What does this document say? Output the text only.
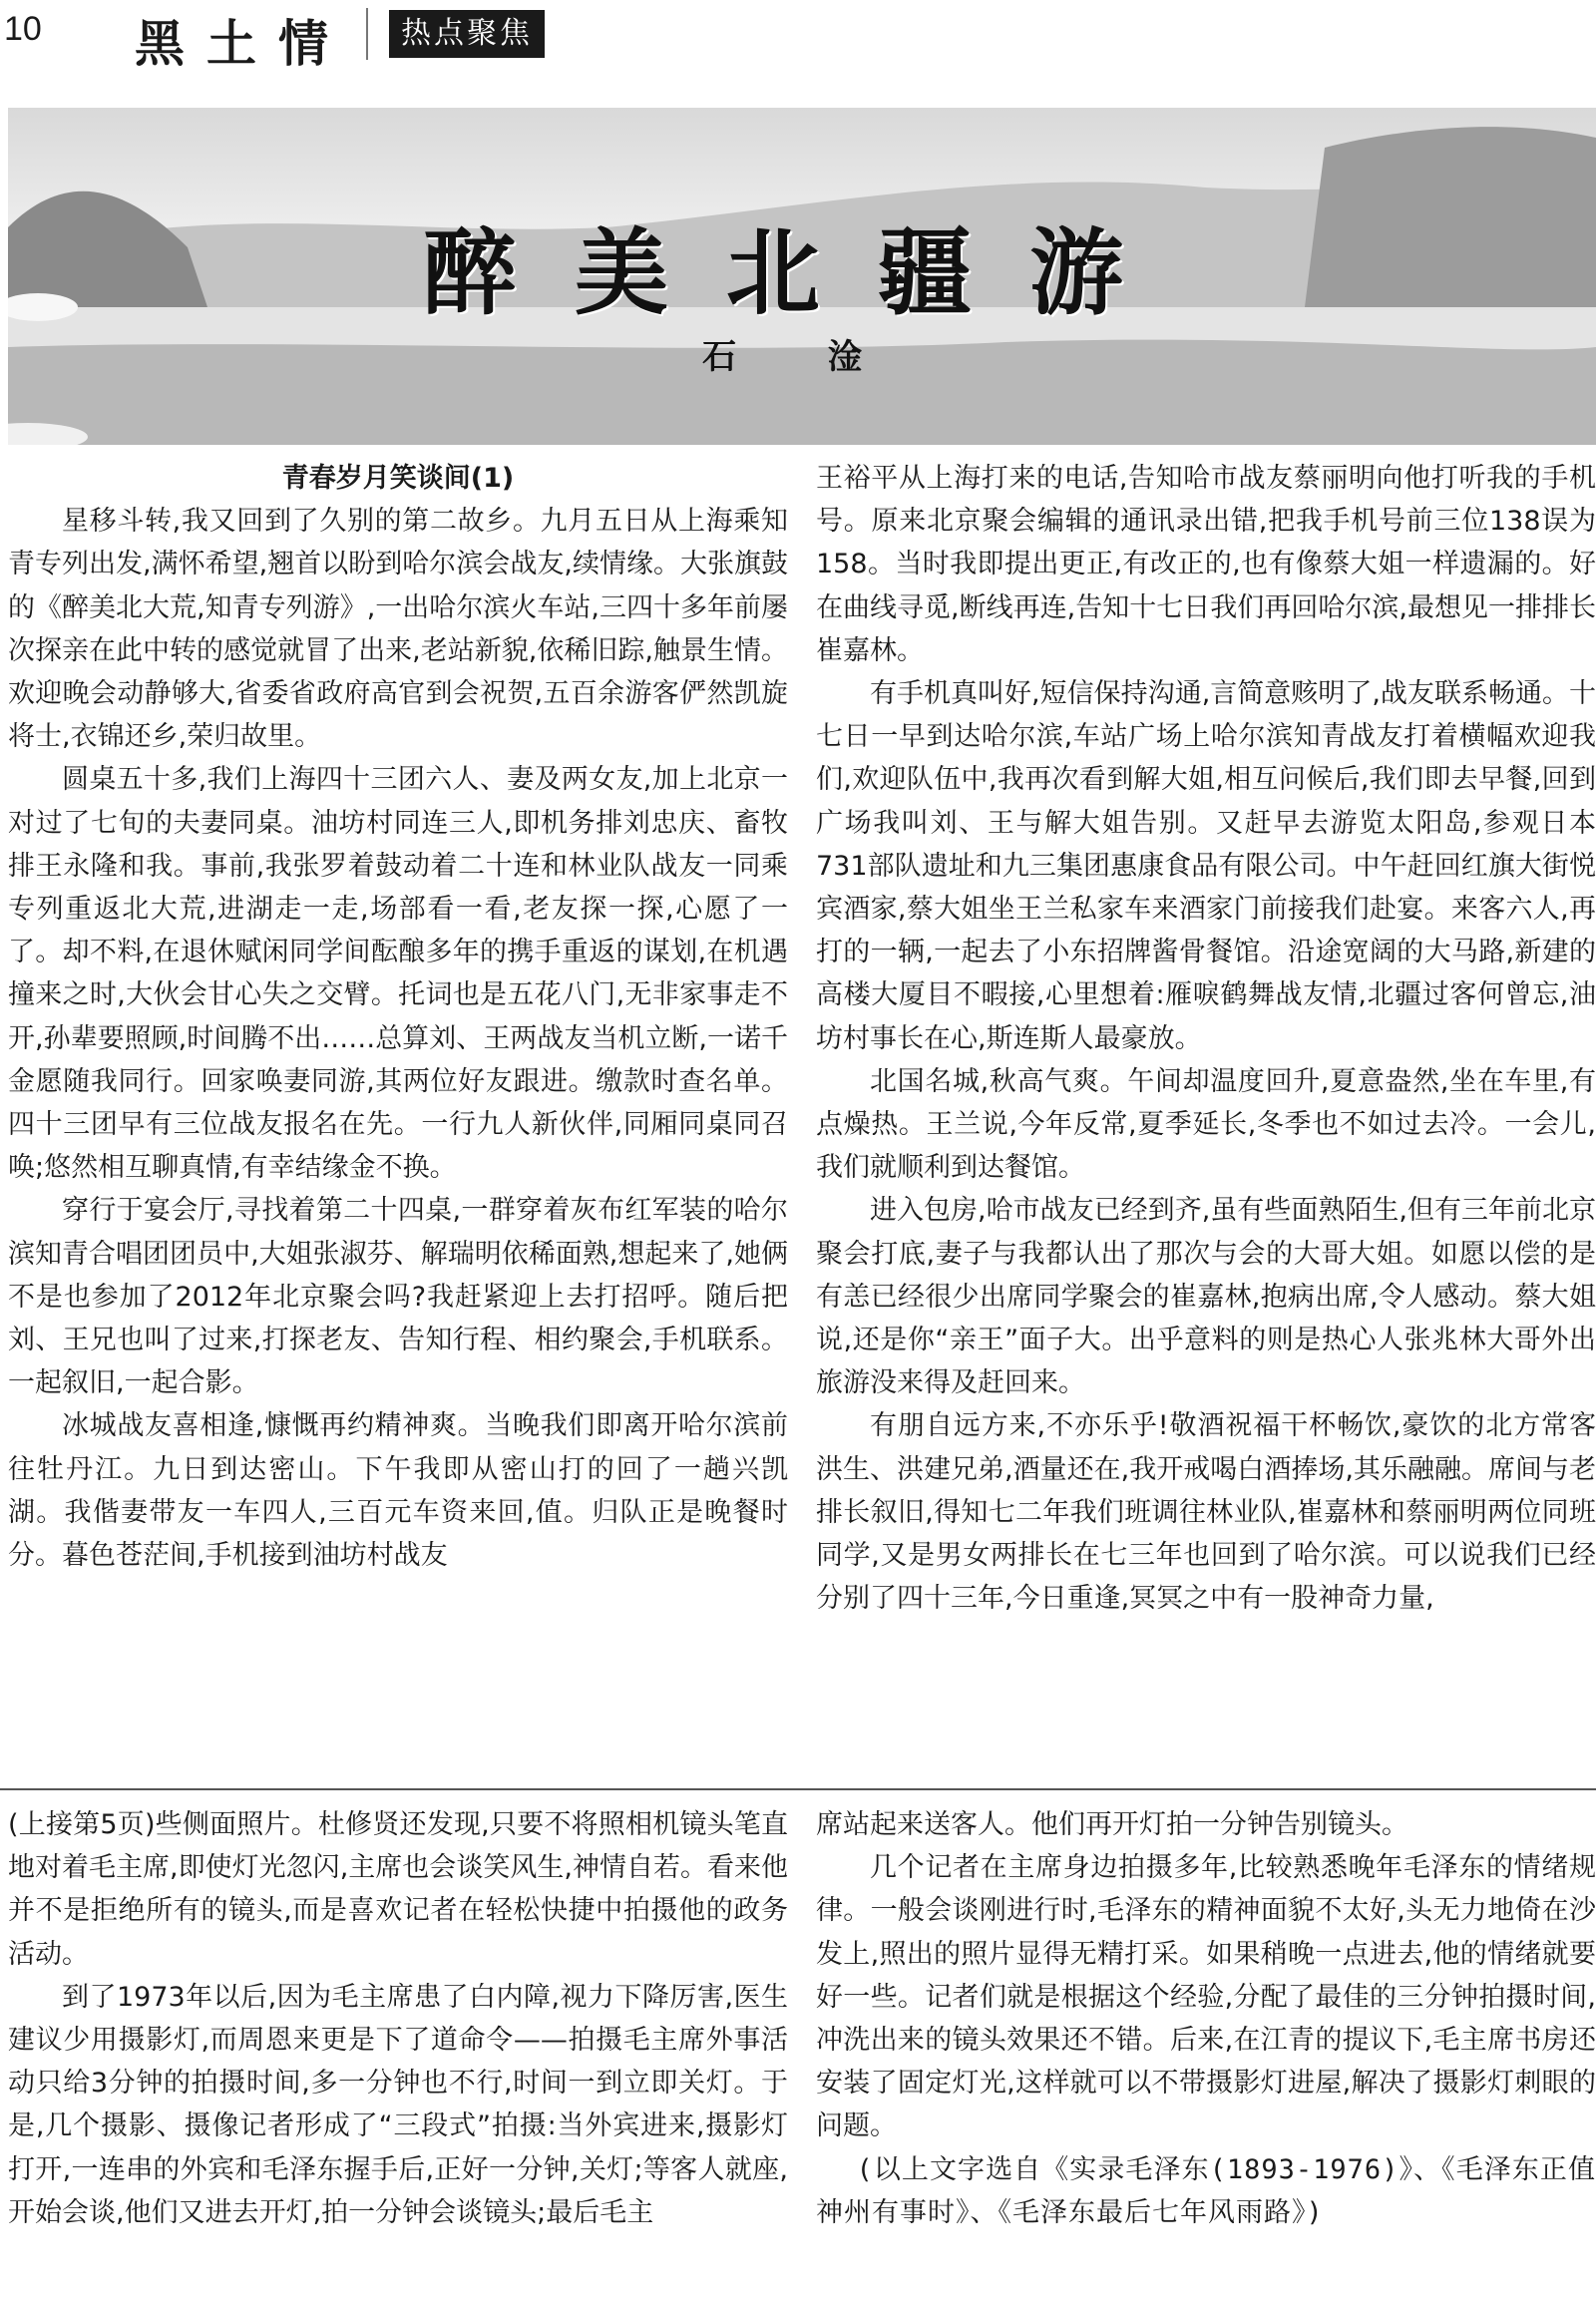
10 黑土情	热点聚焦
醉美北疆游
石 淦

青春岁月笑谈间(1)

星移斗转,我又回到了久别的第二故乡。九月五日从上海乘知青专列出发,满怀希望,翘首以盼到哈尔滨会战友,续情缘。大张旗鼓的《醉美北大荒,知青专列游》,一出哈尔滨火车站,三四十多年前屡次探亲在此中转的感觉就冒了出来,老站新貌,依稀旧踪,触景生情。欢迎晚会动静够大,省委省政府高官到会祝贺,五百余游客俨然凯旋将士,衣锦还乡,荣归故里。

圆桌五十多,我们上海四十三团六人、妻及两女友,加上北京一对过了七旬的夫妻同桌。油坊村同连三人,即机务排刘忠庆、畜牧排王永隆和我。事前,我张罗着鼓动着二十连和林业队战友一同乘专列重返北大荒,进湖走一走,场部看一看,老友探一探,心愿了一了。却不料,在退休赋闲同学间酝酿多年的携手重返的谋划,在机遇撞来之时,大伙会甘心失之交臂。托词也是五花八门,无非家事走不开,孙辈要照顾,时间腾不出……总算刘、王两战友当机立断,一诺千金愿随我同行。回家唤妻同游,其两位好友跟进。缴款时查名单。四十三团早有三位战友报名在先。一行九人新伙伴,同厢同桌同召唤;悠然相互聊真情,有幸结缘金不换。

穿行于宴会厅,寻找着第二十四桌,一群穿着灰布红军装的哈尔滨知青合唱团团员中,大姐张淑芬、解瑞明依稀面熟,想起来了,她俩不是也参加了2012年北京聚会吗?我赶紧迎上去打招呼。随后把刘、王兄也叫了过来,打探老友、告知行程、相约聚会,手机联系。一起叙旧,一起合影。

冰城战友喜相逢,慷慨再约精神爽。当晚我们即离开哈尔滨前往牡丹江。九日到达密山。下午我即从密山打的回了一趟兴凯湖。我偕妻带友一车四人,三百元车资来回,值。归队正是晚餐时分。暮色苍茫间,手机接到油坊村战友

王裕平从上海打来的电话,告知哈市战友蔡丽明向他打听我的手机号。原来北京聚会编辑的通讯录出错,把我手机号前三位138误为158。当时我即提出更正,有改正的,也有像蔡大姐一样遗漏的。好在曲线寻觅,断线再连,告知十七日我们再回哈尔滨,最想见一排排长崔嘉林。

有手机真叫好,短信保持沟通,言简意赅明了,战友联系畅通。十七日一早到达哈尔滨,车站广场上哈尔滨知青战友打着横幅欢迎我们,欢迎队伍中,我再次看到解大姐,相互问候后,我们即去早餐,回到广场我叫刘、王与解大姐告别。又赶早去游览太阳岛,参观日本731部队遗址和九三集团惠康食品有限公司。中午赶回红旗大街悦宾酒家,蔡大姐坐王兰私家车来酒家门前接我们赴宴。来客六人,再打的一辆,一起去了小东招牌酱骨餐馆。沿途宽阔的大马路,新建的高楼大厦目不暇接,心里想着:雁唳鹤舞战友情,北疆过客何曾忘,油坊村事长在心,斯连斯人最豪放。

北国名城,秋高气爽。午间却温度回升,夏意盎然,坐在车里,有点燥热。王兰说,今年反常,夏季延长,冬季也不如过去冷。一会儿,我们就顺利到达餐馆。

进入包房,哈市战友已经到齐,虽有些面熟陌生,但有三年前北京聚会打底,妻子与我都认出了那次与会的大哥大姐。如愿以偿的是有恙已经很少出席同学聚会的崔嘉林,抱病出席,令人感动。蔡大姐说,还是你“亲王”面子大。出乎意料的则是热心人张兆林大哥外出旅游没来得及赶回来。

有朋自远方来,不亦乐乎!敬酒祝福干杯畅饮,豪饮的北方常客洪生、洪建兄弟,酒量还在,我开戒喝白酒捧场,其乐融融。席间与老排长叙旧,得知七二年我们班调往林业队,崔嘉林和蔡丽明两位同班同学,又是男女两排长在七三年也回到了哈尔滨。可以说我们已经分别了四十三年,今日重逢,冥冥之中有一股神奇力量,

(上接第5页)些侧面照片。杜修贤还发现,只要不将照相机镜头笔直地对着毛主席,即使灯光忽闪,主席也会谈笑风生,神情自若。看来他并不是拒绝所有的镜头,而是喜欢记者在轻松快捷中拍摄他的政务活动。

到了1973年以后,因为毛主席患了白内障,视力下降厉害,医生建议少用摄影灯,而周恩来更是下了道命令——拍摄毛主席外事活动只给3分钟的拍摄时间,多一分钟也不行,时间一到立即关灯。于是,几个摄影、摄像记者形成了“三段式”拍摄:当外宾进来,摄影灯打开,一连串的外宾和毛泽东握手后,正好一分钟,关灯;等客人就座,开始会谈,他们又进去开灯,拍一分钟会谈镜头;最后毛主

席站起来送客人。他们再开灯拍一分钟告别镜头。

几个记者在主席身边拍摄多年,比较熟悉晚年毛泽东的情绪规律。一般会谈刚进行时,毛泽东的精神面貌不太好,头无力地倚在沙发上,照出的照片显得无精打采。如果稍晚一点进去,他的情绪就要好一些。记者们就是根据这个经验,分配了最佳的三分钟拍摄时间,冲洗出来的镜头效果还不错。后来,在江青的提议下,毛主席书房还安装了固定灯光,这样就可以不带摄影灯进屋,解决了摄影灯刺眼的问题。

(以上文字选自《实录毛泽东(1893-1976)》、《毛泽东正值神州有事时》、《毛泽东最后七年风雨路》)
